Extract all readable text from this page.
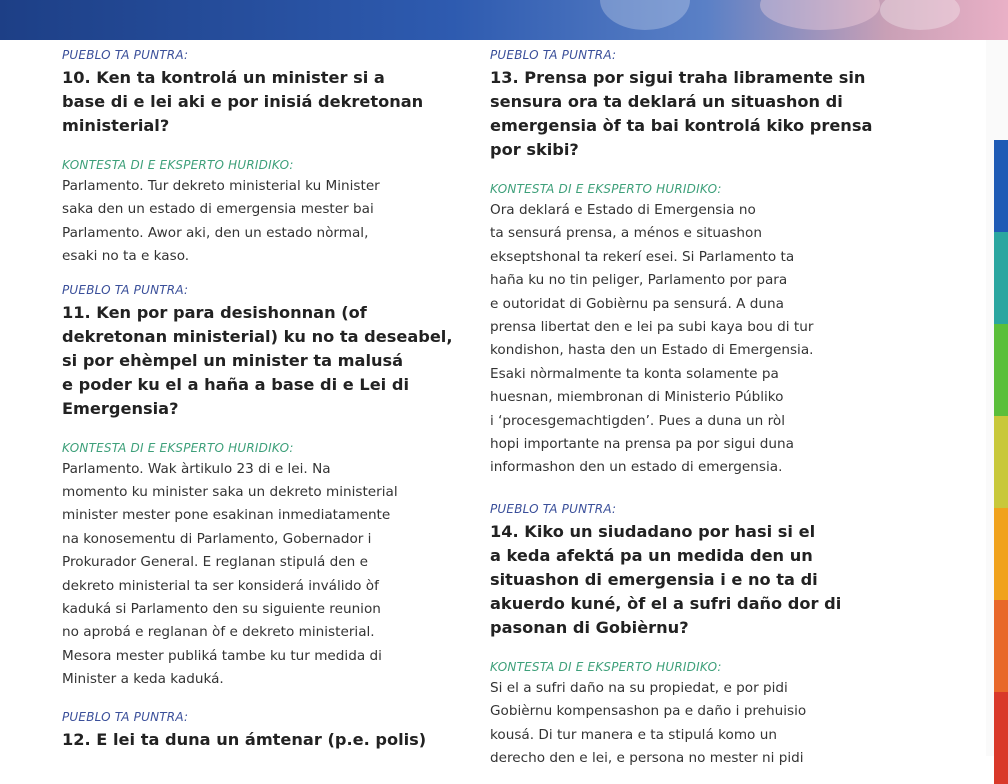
PUEBLO TA PUNTRA:

10. Ken ta kontrolá un minister si a
base di e lei aki e por inisiá dekretonan
ministerial?

KONTESTA DI E EKSPERTO HURIDIKO:

Parlamento. Tur dekreto ministerial ku Minister
saka den un estado di emergensia mester bai
Parlamento. Awor aki, den un estado nòrmal,
esaki no ta e kaso.

PUEBLO TA PUNTRA:

11. Ken por para desishonnan (of
dekretonan ministerial) ku no ta deseabel,
si por ehèmpel un minister ta malusá
e poder ku el a haña a base di e Lei di
Emergensia?

KONTESTA DI E EKSPERTO HURIDIKO:

Parlamento. Wak àrtikulo 23 di e lei. Na
momento ku minister saka un dekreto ministerial
minister mester pone esakinan inmediatamente
na konosementu di Parlamento, Gobernador i
Prokurador General. E reglanan stipulá den e
dekreto ministerial ta ser konsiderá inválido òf
kaduká si Parlamento den su siguiente reunion
no aprobá e reglanan òf e dekreto ministerial.
Mesora mester publiká tambe ku tur medida di
Minister a keda kaduká.

PUEBLO TA PUNTRA:

12. E lei ta duna un ámtenar (p.e. polis)

PUEBLO TA PUNTRA:

13. Prensa por sigui traha libramente sin
sensura ora ta deklará un situashon di
emergensia òf ta bai kontrolá kiko prensa
por skibi?

KONTESTA DI E EKSPERTO HURIDIKO:

Ora deklará e Estado di Emergensia no
ta sensurá prensa, a ménos e situashon
ekseptshonal ta rekerí esei. Si Parlamento ta
haña ku no tin peliger, Parlamento por para
e outoridat di Gobièrnu pa sensurá. A duna
prensa libertat den e lei pa subi kaya bou di tur
kondishon, hasta den un Estado di Emergensia.
Esaki nòrmalmente ta konta solamente pa
huesnan, miembronan di Ministerio Públiko
i ‘procesgemachtigden’. Pues a duna un ròl
hopi importante na prensa pa por sigui duna
informashon den un estado di emergensia.

PUEBLO TA PUNTRA:

14. Kiko un siudadano por hasi si el
a keda afektá pa un medida den un
situashon di emergensia i e no ta di
akuerdo kuné, òf el a sufri daño dor di
pasonan di Gobièrnu?

KONTESTA DI E EKSPERTO HURIDIKO:

Si el a sufri daño na su propiedat, e por pidi
Gobièrnu kompensashon pa e daño i prehuisio
kousá. Di tur manera e ta stipulá komo un
derecho den e lei, e persona no mester ni pidi
